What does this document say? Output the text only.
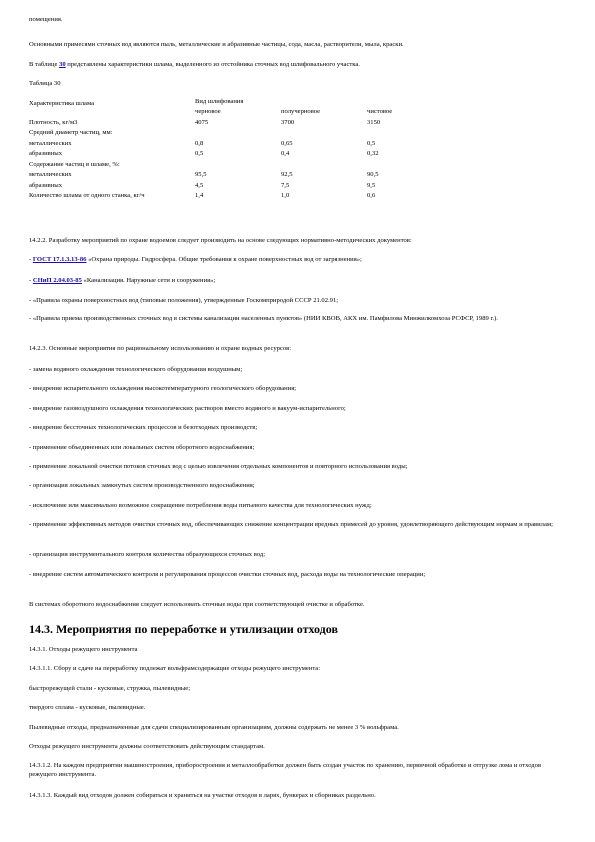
помещения.
Основными примесями сточных вод являются пыль, металлические и абразивные частицы, сода, масла, растворители, мыла, краски.
В таблице 30 представлены характеристики шлама, выделенного из отстойника сточных вод шлифовального участка.
Таблица 30
Характеристика шлама	Вид шлифования		
	черновое	получерновое	чистовое
Плотность, кг/м3	4075	3700	3150
Средний диаметр частиц, мм:			
металлических	0,8	0,65	0,5
абразивных	0,5	0,4	0,32
Содержание частиц в шламе, %:			
металлических	95,5	92,5	90,5
абразивных	4,5	7,5	9,5
Количество шлама от одного станка, кг/ч	1,4	1,0	0,6
14.2.2. Разработку мероприятий по охране водоемов следует производить на основе следующих нормативно-методических документов:
- ГОСТ 17.1.3.13-86 «Охрана природы. Гидросфера. Общие требования к охране поверхностных вод от загрязнения»;
- СНиП 2.04.03-85 «Канализация. Наружные сети и сооружения»;
- «Правила охраны поверхностных вод (типовые положения), утвержденные Госкомприродой СССР 21.02.91;
- «Правила приема производственных сточных вод в системы канализации населенных пунктов» (НИИ КВОВ, АКХ им. Памфилова Минжилкомхоза РСФСР, 1989 г.).
14.2.3. Основные мероприятия по рациональному использованию и охране водных ресурсов:
- замена водяного охлаждения технологического оборудования воздушным;
- внедрение испарительного охлаждения высокотемпературного геологического оборудования;
- внедрение газовоздушного охлаждения технологических растворов вместо водяного и вакуум-испарительного;
- внедрение бессточных технологических процессов и безотходных производств;
- применение объединенных или локальных систем оборотного водоснабжения;
- применение локальной очистки потоков сточных вод с целью извлечения отдельных компонентов и повторного использования воды;
- организация локальных замкнутых систем производственного водоснабжения;
- исключение или максимально возможное сокращение потребления воды питьевого качества для технологических нужд;
- применение эффективных методов очистки сточных вод, обеспечивающих снижение концентрации вредных примесей до уровня, удовлетворяющего действующим нормам и правилам;
- организация инструментального контроля количества образующихся сточных вод;
- внедрение систем автоматического контроля и регулирования процессов очистки сточных вод, расхода воды на технологические операции;
В системах оборотного водоснабжения следует использовать сточные воды при соответствующей очистке и обработке.
14.3. Мероприятия по переработке и утилизации отходов
14.3.1. Отходы режущего инструмента
14.3.1.1. Сбору и сдаче на переработку подлежат вольфрамсодержащие отходы режущего инструмента:
быстрорежущей стали - кусковые, стружка, пылевидные;
твердого сплава - кусковые, пылевидные.
Пылевидные отходы, предназначенные для сдачи специализированным организациям, должны содержать не менее 3 % вольфрама.
Отходы режущего инструмента должны соответствовать действующим стандартам.
14.3.1.2. На каждом предприятии машиностроения, приборостроения и металлообработки должен быть создан участок по хранению, первичной обработке и отгрузке лома и отходов режущего инструмента.
14.3.1.3. Каждый вид отходов должен собираться и храниться на участке отходов в ларях, бункерах и сборниках раздельно.
